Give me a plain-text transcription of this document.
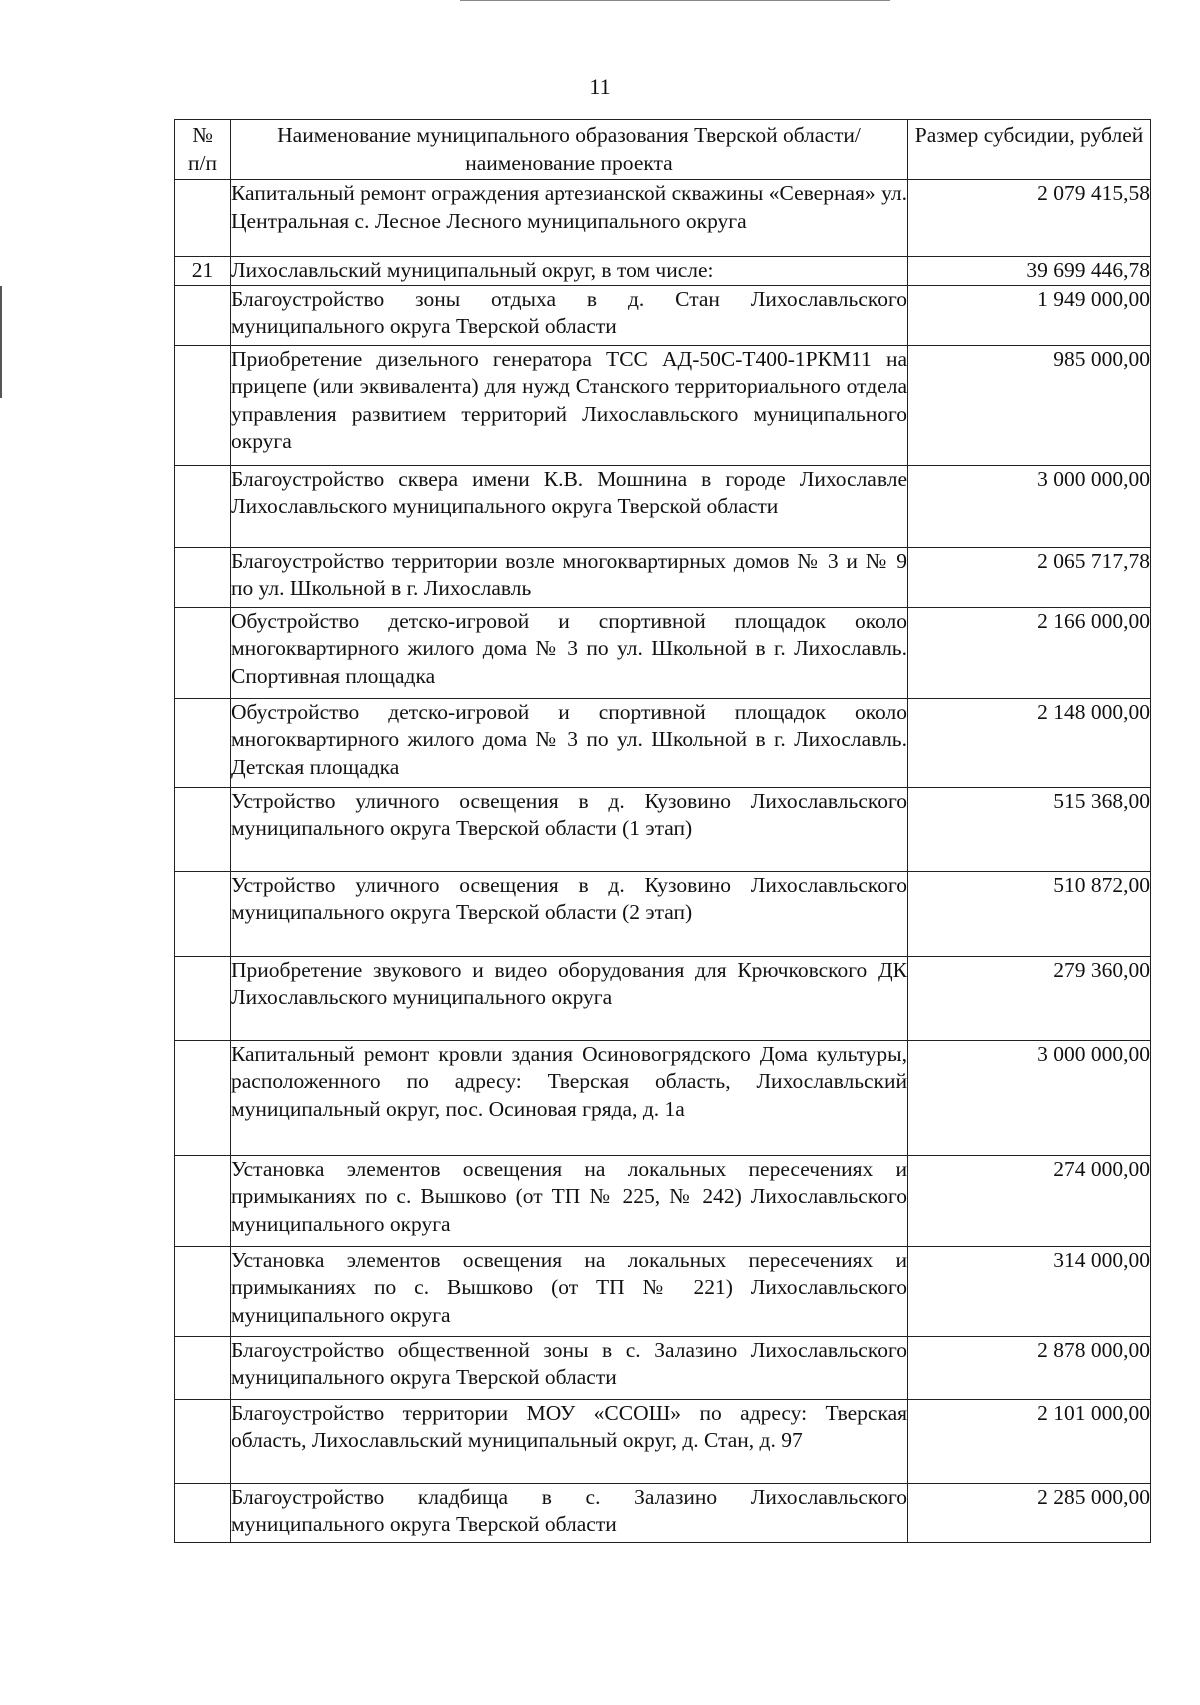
11
№ п/п	Наименование муниципального образования Тверской области/наименование проекта	Размер субсидии, рублей
	Капитальный ремонт ограждения артезианской скважины «Северная» ул. Центральная с. Лесное Лесного муниципального округа	2 079 415,58
21	Лихославльский муниципальный округ, в том числе:	39 699 446,78
	Благоустройство зоны отдыха в д. Стан Лихославльского муниципального округа Тверской области	1 949 000,00
	Приобретение дизельного генератора ТСС АД-50С-Т400-1РКМ11 на прицепе (или эквивалента) для нужд Станского территориального отдела управления развитием территорий Лихославльского муниципального округа	985 000,00
	Благоустройство сквера имени К.В. Мошнина в городе Лихославле Лихославльского муниципального округа Тверской области	3 000 000,00
	Благоустройство территории возле многоквартирных домов № 3 и № 9 по ул. Школьной в г. Лихославль	2 065 717,78
	Обустройство детско-игровой и спортивной площадок около многоквартирного жилого дома № 3 по ул. Школьной в г. Лихославль. Спортивная площадка	2 166 000,00
	Обустройство детско-игровой и спортивной площадок около многоквартирного жилого дома № 3 по ул. Школьной в г. Лихославль. Детская площадка	2 148 000,00
	Устройство уличного освещения в д. Кузовино Лихославльского муниципального округа Тверской области (1 этап)	515 368,00
	Устройство уличного освещения в д. Кузовино Лихославльского муниципального округа Тверской области (2 этап)	510 872,00
	Приобретение звукового и видео оборудования для Крючковского ДК Лихославльского муниципального округа	279 360,00
	Капитальный ремонт кровли здания Осиновогрядского Дома культуры, расположенного по адресу: Тверская область, Лихославльский муниципальный округ, пос. Осиновая гряда, д. 1а	3 000 000,00
	Установка элементов освещения на локальных пересечениях и примыканиях по с. Вышково (от ТП № 225, № 242) Лихославльского муниципального округа	274 000,00
	Установка элементов освещения на локальных пересечениях и примыканиях по с. Вышково (от ТП № 221) Лихославльского муниципального округа	314 000,00
	Благоустройство общественной зоны в с. Залазино Лихославльского муниципального округа Тверской области	2 878 000,00
	Благоустройство территории МОУ «ССОШ» по адресу: Тверская область, Лихославльский муниципальный округ, д. Стан, д. 97	2 101 000,00
	Благоустройство кладбища в с. Залазино Лихославльского муниципального округа Тверской области	2 285 000,00
